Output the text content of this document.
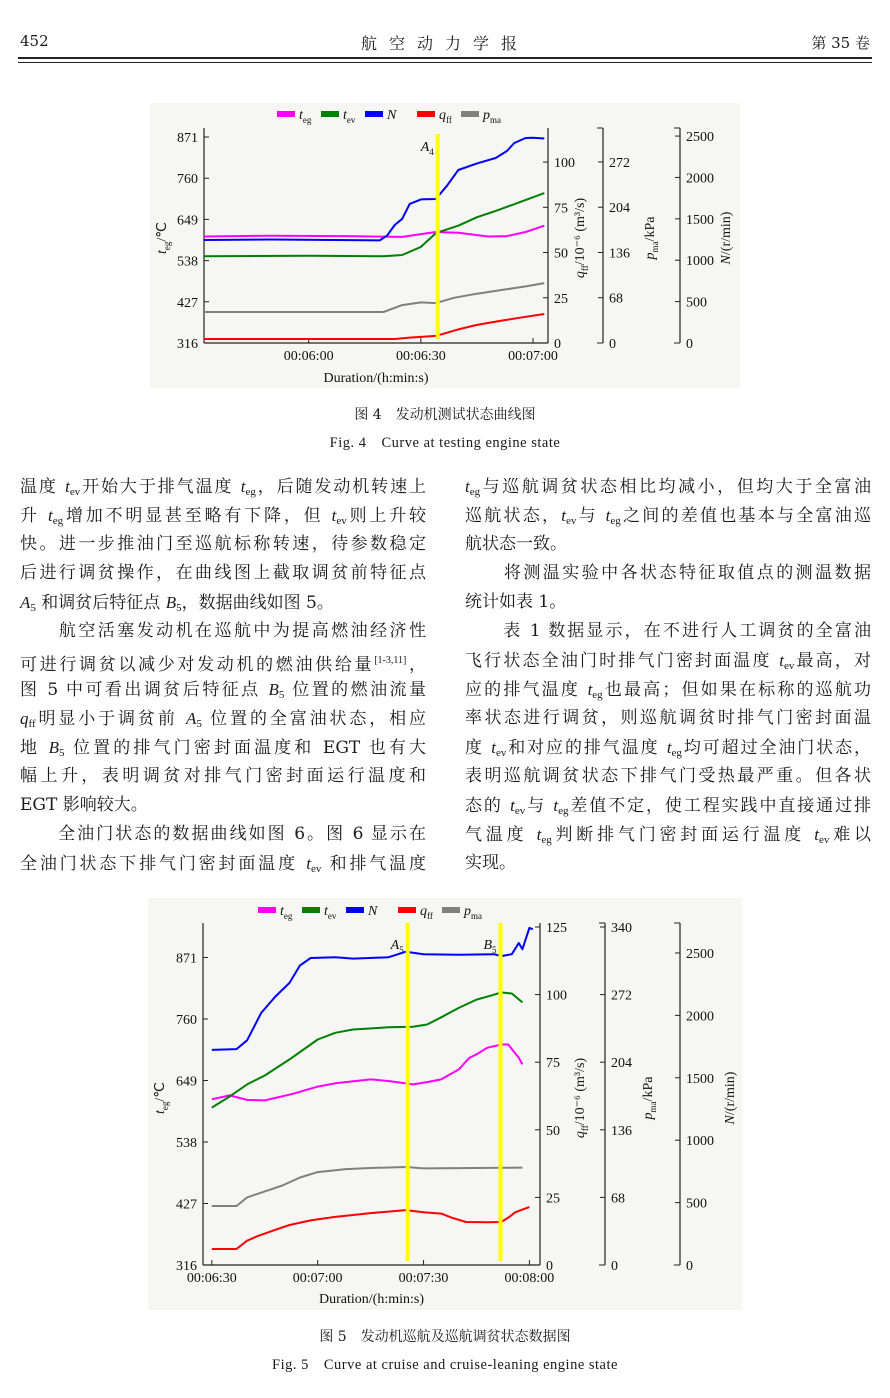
452	航空动力学报	第 35 卷
316
427
538
649
760
871
0
25
50
75
100
0
68
136
204
272
0
500
1000
1500
2000
2500
00:06:00	00:06:30	00:07:00
Duration/(h:min:s)
$t_{eg}/℃$
$q_{ff}/10^{-6}$ (m³/s)	$p_{ma}$/kPa
N/(r/min)
$A_4$
$t_{eg}$ $t_{ev}$ N	$q_{ff}$ $p_{ma}$
图 4　发动机测试状态曲线图
Fig. 4　Curve at testing engine state
温度 tev开始大于排气温度 teg，后随发动机转速上
升 teg增加不明显甚至略有下降，但 tev则上升较
快。进一步推油门至巡航标称转速，待参数稳定
后进行调贫操作，在曲线图上截取调贫前特征点
A5 和调贫后特征点 B5，数据曲线如图 5。
　　航空活塞发动机在巡航中为提高燃油经济性
可进行调贫以减少对发动机的燃油供给量[1-3,11]，
图 5 中可看出调贫后特征点 B5 位置的燃油流量
qff明显小于调贫前 A5 位置的全富油状态，相应
地 B5 位置的排气门密封面温度和 EGT 也有大
幅上升，表明调贫对排气门密封面运行温度和
EGT 影响较大。
　　全油门状态的数据曲线如图 6。图 6 显示在
全油门状态下排气门密封面温度 tev 和排气温度
teg与巡航调贫状态相比均减小，但均大于全富油
巡航状态，tev与 teg之间的差值也基本与全富油巡
航状态一致。
　　将测温实验中各状态特征取值点的测温数据
统计如表 1。
　　表 1 数据显示，在不进行人工调贫的全富油
飞行状态全油门时排气门密封面温度 tev最高，对
应的排气温度 teg也最高；但如果在标称的巡航功
率状态进行调贫，则巡航调贫时排气门密封面温
度 tev和对应的排气温度 teg均可超过全油门状态，
表明巡航调贫状态下排气门受热最严重。但各状
态的 tev与 teg差值不定，使工程实践中直接通过排
气温度 teg判断排气门密封面运行温度 tev难以
实现。
316
427
538
649
760
871
0
25
50
75
100
125
0
68
136
204
272
340
0
500
1000
1500
2000
2500
00:06:30	00:07:00	00:07:30	00:08:00
Duration/(h:min:s)
$t_{eg}/℃$
$q_{ff}/10^{-6}$ (m³/s)	$p_{ma}$/kPa
N/(r/min)
$A_5$	$B_5$
$t_{eg}$ $t_{ev}$ N	$q_{ff}$ $p_{ma}$
图 5　发动机巡航及巡航调贫状态数据图
Fig. 5　Curve at cruise and cruise-leaning engine state
